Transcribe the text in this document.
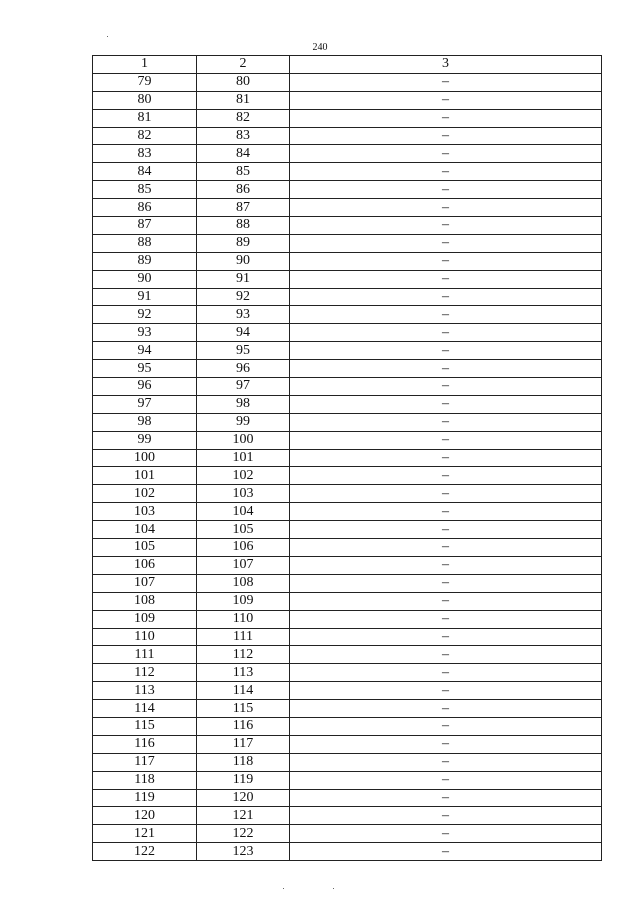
240
1	2	3
79	80	–
80	81	–
81	82	–
82	83	–
83	84	–
84	85	–
85	86	–
86	87	–
87	88	–
88	89	–
89	90	–
90	91	–
91	92	–
92	93	–
93	94	–
94	95	–
95	96	–
96	97	–
97	98	–
98	99	–
99	100	–
100	101	–
101	102	–
102	103	–
103	104	–
104	105	–
105	106	–
106	107	–
107	108	–
108	109	–
109	110	–
110	111	–
111	112	–
112	113	–
113	114	–
114	115	–
115	116	–
116	117	–
117	118	–
118	119	–
119	120	–
120	121	–
121	122	–
122	123	–
